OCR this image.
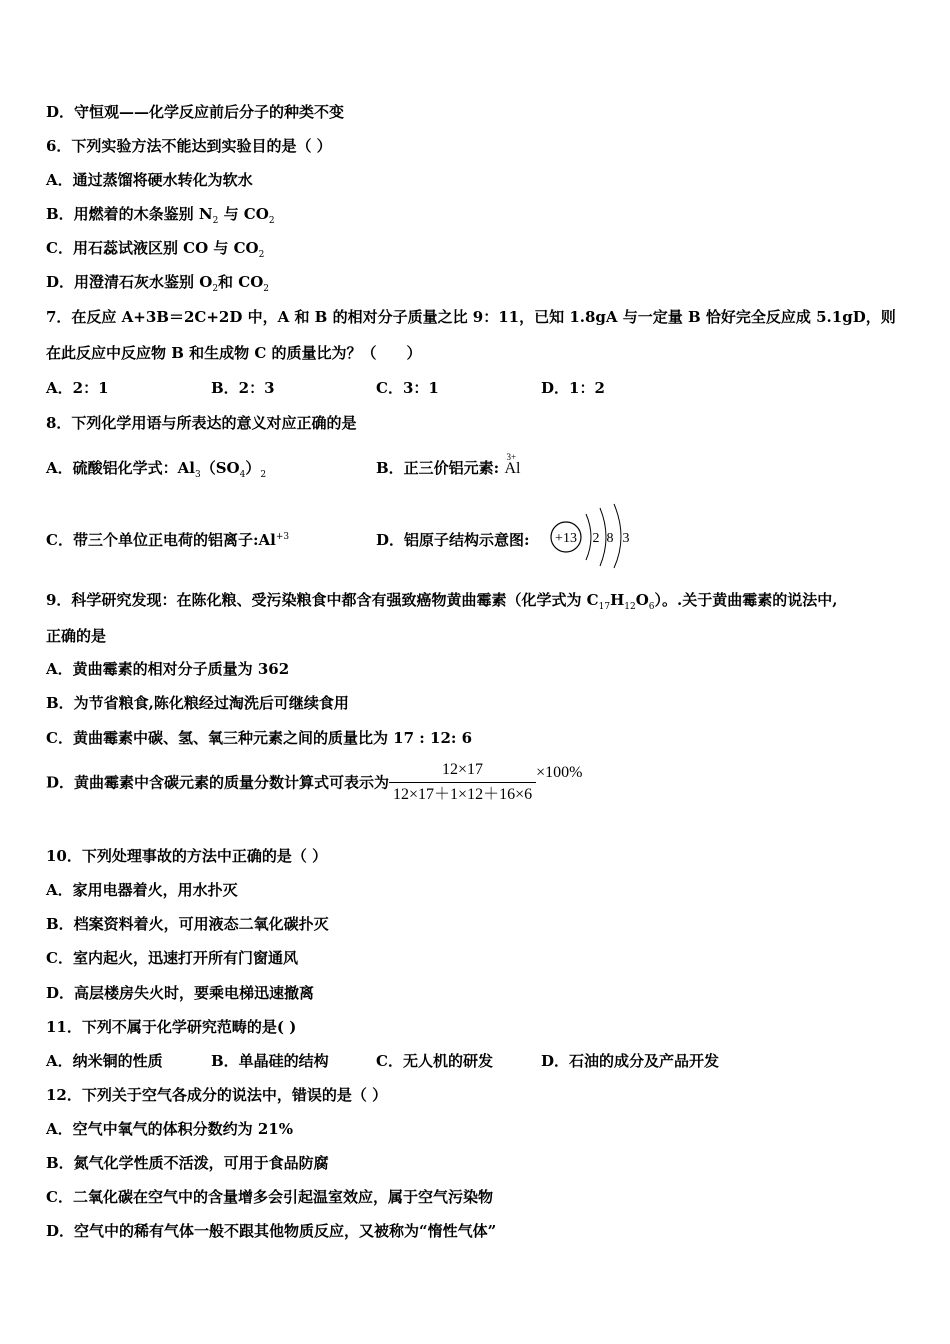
D．守恒观——化学反应前后分子的种类不变
6．下列实验方法不能达到实验目的是（ ）
A．通过蒸馏将硬水转化为软水
B．用燃着的木条鉴别 $N_2$ 与 $CO_2$
C．用石蕊试液区别 CO 与 $CO_2$
D．用澄清石灰水鉴别 $O_2$和 $CO_2$
7．在反应 A+3B＝2C+2D 中，A 和 B 的相对分子质量之比 9：11，已知 1.8gA 与一定量 B 恰好完全反应成 5.1gD，则
在此反应中反应物 B 和生成物 C 的质量比为？（　　）
A．2：1	B．2：3	C．3：1	D．1：2
8．下列化学用语与所表达的意义对应正确的是
A．硫酸铝化学式：$Al_3(SO_4)_2$	B．正三价铝元素:
3+
Al
C．带三个单位正电荷的铝离子$:Al^{+3}$	D．铝原子结构示意图: +13 2 8 3
9．科学研究发现：在陈化粮、受污染粮食中都含有强致癌物黄曲霉素（化学式为 $C_{17}H_{12}O_6$）。.关于黄曲霉素的说法中,
正确的是
A．黄曲霉素的相对分子质量为 362
B．为节省粮食,陈化粮经过淘洗后可继续食用
C．黄曲霉素中碳、氢、氧三种元素之间的质量比为 17 : 12: 6
D．黄曲霉素中含碳元素的质量分数计算式可表示为 $\frac{12\times 17}{12\times 17+1\times 12+16\times 6} \times 100\%$
10．下列处理事故的方法中正确的是（ ）
A．家用电器着火，用水扑灭
B．档案资料着火，可用液态二氧化碳扑灭
C．室内起火，迅速打开所有门窗通风
D．高层楼房失火时，要乘电梯迅速撤离
11．下列不属于化学研究范畴的是( )
A．纳米铜的性质	B．单晶硅的结构	C．无人机的研发	D．石油的成分及产品开发
12．下列关于空气各成分的说法中，错误的是（ ）
A．空气中氧气的体积分数约为 21%
B．氮气化学性质不活泼，可用于食品防腐
C．二氧化碳在空气中的含量增多会引起温室效应，属于空气污染物
D．空气中的稀有气体一般不跟其他物质反应，又被称为“惰性气体”
